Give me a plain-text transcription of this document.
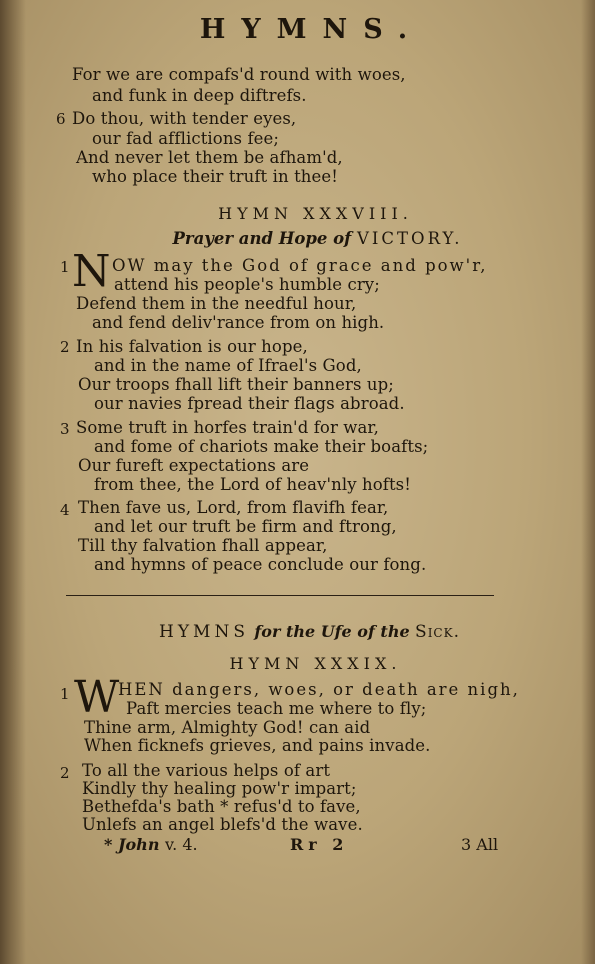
HYMNS.
For we are compafs'd round with woes,
and funk in deep diftrefs.
6 Do thou, with tender eyes,
our fad afflictions fee;
And never let them be afham'd,
who place their truft in thee!
HYMN XXXVIII.
Prayer and Hope of VICTORY.
1 N OW may the God of grace and pow'r,
attend his people's humble cry;
Defend them in the needful hour,
and fend deliv'rance from on high.
2 In his falvation is our hope,
and in the name of Ifrael's God,
Our troops fhall lift their banners up;
our navies fpread their flags abroad.
3 Some truft in horfes train'd for war,
and fome of chariots make their boafts;
Our fureft expectations are
from thee, the Lord of heav'nly hofts!
4 Then fave us, Lord, from flavifh fear,
and let our truft be firm and ftrong,
Till thy falvation fhall appear,
and hymns of peace conclude our fong.
HYMNS for the Ufe of the Sick.
HYMN XXXIX.
1 W
HEN dangers, woes, or death are nigh,
Paft mercies teach me where to fly;
Thine arm, Almighty God! can aid
When ficknefs grieves, and pains invade.
2 To all the various helps of art
Kindly thy healing pow'r impart;
Bethefda's bath * refus'd to fave,
Unlefs an angel blefs'd the wave.
* John v. 4.	Rr 2	3 All
